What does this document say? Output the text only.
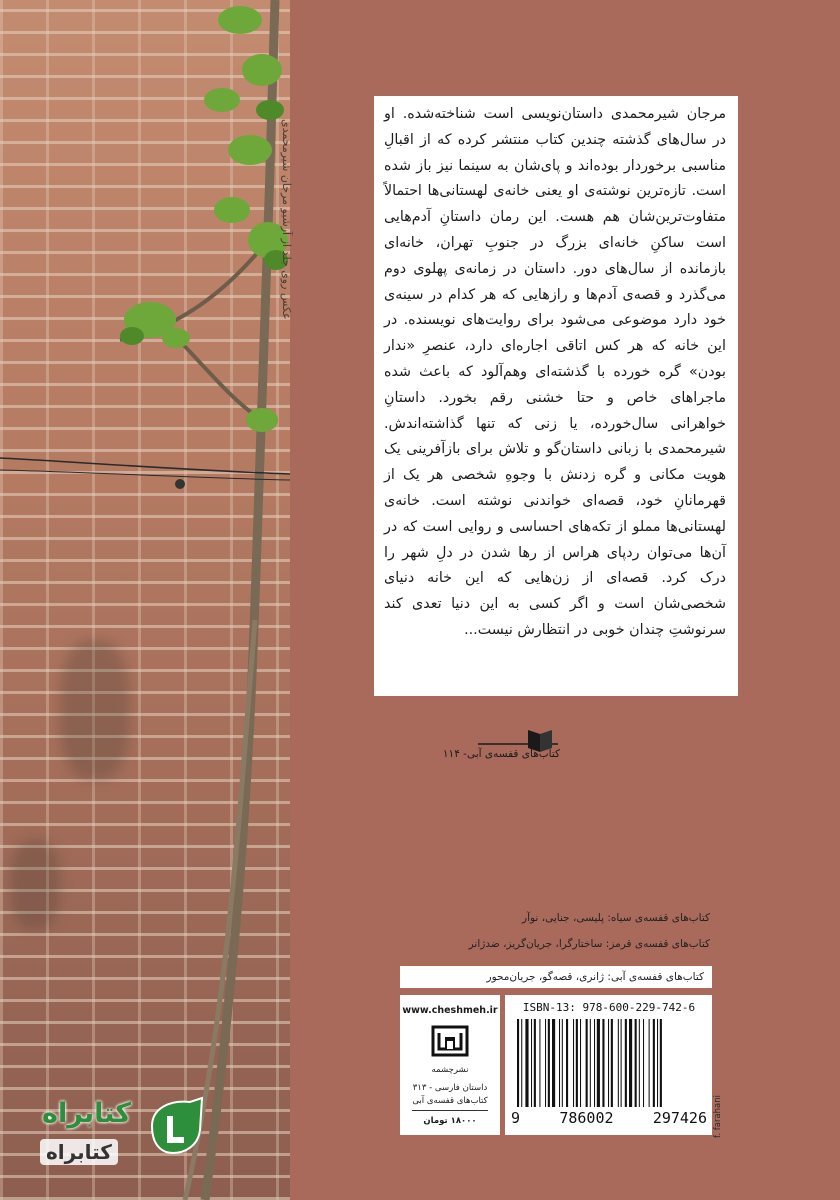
عکس روی جلد از آرشیو مرجان شیرمحمدی

مرجان شیرمحمدی داستان‌نویسی است شناخته‌شده. او در سال‌های گذشته چندین کتاب منتشر کرده که از اقبالِ مناسبی برخوردار بوده‌اند و پای‌شان به سینما نیز باز شده است. تازه‌ترین نوشته‌ی او یعنی خانه‌ی لهستانی‌ها احتمالاً متفاوت‌ترین‌شان هم هست. این رمان داستانِ آدم‌هایی است ساکنِ خانه‌ای بزرگ در جنوبِ تهران، خانه‌ای بازمانده از سال‌های دور. داستان در زمانه‌ی پهلوی دوم می‌گذرد و قصه‌ی آدم‌ها و رازهایی که هر کدام در سینه‌ی خود دارد موضوعی می‌شود برای روایت‌های نویسنده. در این خانه که هر کس اتاقی اجاره‌ای دارد، عنصرِ «ندار بودن» گره خورده با گذشته‌ای وهم‌آلود که باعث شده ماجراهای خاص و حتا خشنی رقم بخورد. داستانِ خواهرانی سال‌خورده، یا زنی که تنها گذاشته‌اندش. شیرمحمدی با زبانی داستان‌گو و تلاش برای بازآفرینی یک هویت مکانی و گره زدنش با وجوهِ شخصی هر یک از قهرمانانِ خود، قصه‌ای خواندنی نوشته است. خانه‌ی لهستانی‌ها مملو از تکه‌های احساسی و روایی است که در آن‌ها می‌توان ردپای هراس از رها شدن در دلِ شهر را درک کرد. قصه‌ای از زن‌هایی که این خانه دنیای شخصی‌شان است و اگر کسی به این دنیا تعدی کند سرنوشتِ چندان خوبی در انتظارش نیست...

کتاب‌های قفسه‌ی آبی- ۱۱۴
کتاب‌های قفسه‌ی سیاه: پلیسی، جنایی، نوآر
کتاب‌های قفسه‌ی قرمز: ساختارگرا، جریان‌گریز، ضدژانر
کتاب‌های قفسه‌ی آبی: ژانری، قصه‌گو، جریان‌محور
www.cheshmeh.ir
نشرچشمه
داستان فارسی - ۳۱۳
کتاب‌های قفسه‌ی آبی
۱۸۰۰۰ تومان
ISBN-13: 978-600-229-742-6
9	786002	297426 f. farahani
کتابراه
کتابراه
